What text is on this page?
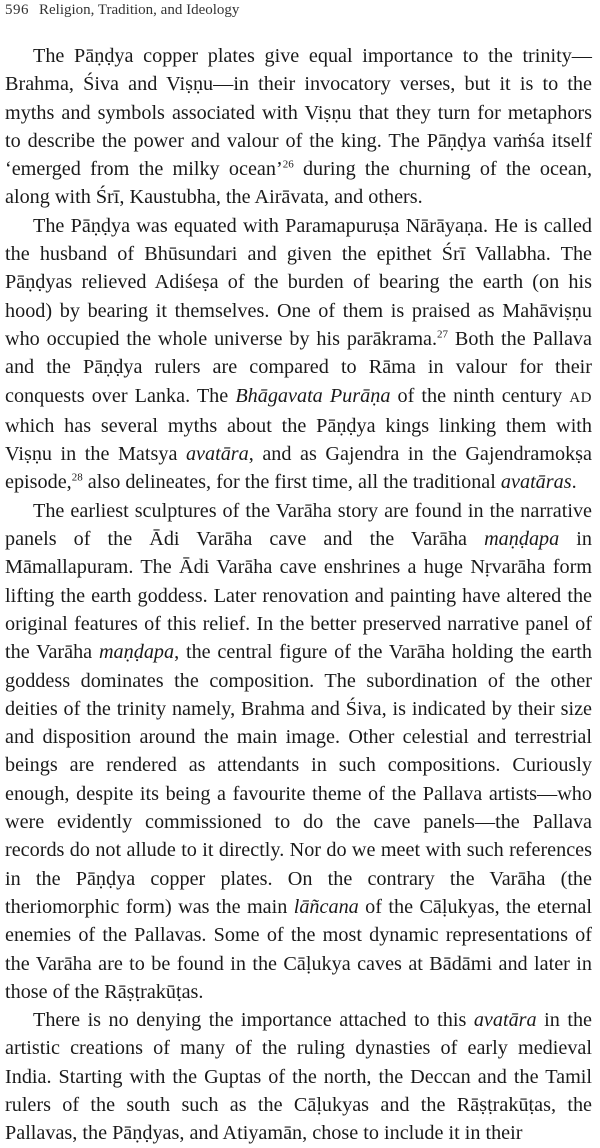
596 Religion, Tradition, and Ideology

The Pāṇḍya copper plates give equal importance to the trinity—Brahma, Śiva and Viṣṇu—in their invocatory verses, but it is to the myths and symbols associated with Viṣṇu that they turn for metaphors to describe the power and valour of the king. The Pāṇḍya vaṁśa itself ‘emerged from the milky ocean’$^{26}$ during the churning of the ocean, along with Śrī, Kaustubha, the Airāvata, and others.

The Pāṇḍya was equated with Paramapuruṣa Nārāyaṇa. He is called the husband of Bhūsundari and given the epithet Śrī Vallabha. The Pāṇḍyas relieved Adiśeṣa of the burden of bearing the earth (on his hood) by bearing it themselves. One of them is praised as Mahāviṣṇu who occupied the whole universe by his parākrama.$^{27}$ Both the Pallava and the Pāṇḍya rulers are compared to Rāma in valour for their conquests over Lanka. The Bhāgavata Purāṇa of the ninth century AD which has several myths about the Pāṇḍya kings linking them with Viṣṇu in the Matsya avatāra, and as Gajendra in the Gajendramokṣa episode,$^{28}$ also delineates, for the first time, all the traditional avatāras.

The earliest sculptures of the Varāha story are found in the narrative panels of the Ādi Varāha cave and the Varāha maṇḍapa in Māmallapuram. The Ādi Varāha cave enshrines a huge Nṛvarāha form lifting the earth goddess. Later renovation and painting have altered the original features of this relief. In the better preserved narrative panel of the Varāha maṇḍapa, the central figure of the Varāha holding the earth goddess dominates the composition. The subordination of the other deities of the trinity namely, Brahma and Śiva, is indicated by their size and disposition around the main image. Other celestial and terrestrial beings are rendered as attendants in such compositions. Curiously enough, despite its being a favourite theme of the Pallava artists—who were evidently commissioned to do the cave panels—the Pallava records do not allude to it directly. Nor do we meet with such references in the Pāṇḍya copper plates. On the contrary the Varāha (the theriomorphic form) was the main lāñcana of the Cāḷukyas, the eternal enemies of the Pallavas. Some of the most dynamic representations of the Varāha are to be found in the Cāḷukya caves at Bādāmi and later in those of the Rāṣṭrakūṭas.

There is no denying the importance attached to this avatāra in the artistic creations of many of the ruling dynasties of early medieval India. Starting with the Guptas of the north, the Deccan and the Tamil rulers of the south such as the Cāḷukyas and the Rāṣṭrakūṭas, the Pallavas, the Pāṇḍyas, and Atiyamān, chose to include it in their
